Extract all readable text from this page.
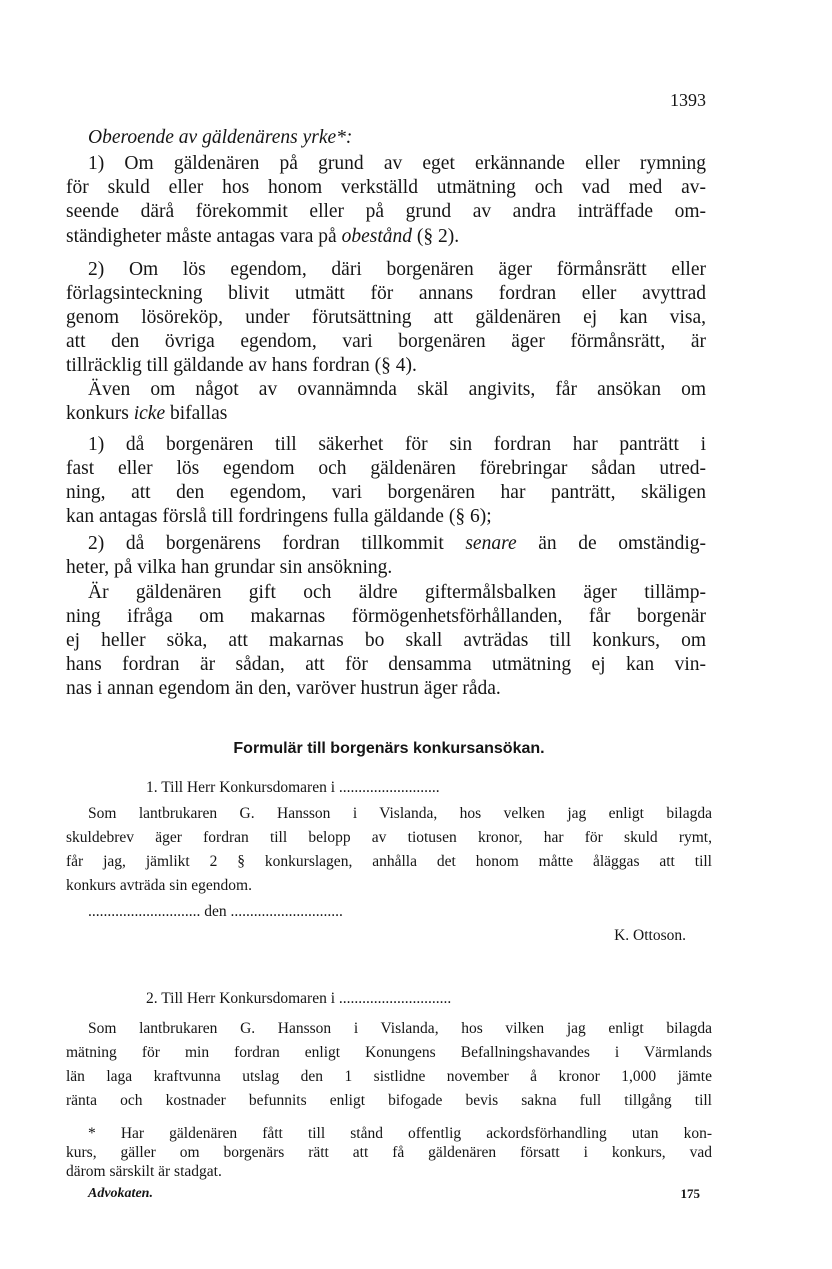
1393
Oberoende av gäldenärens yrke*:
1) Om gäldenären på grund av eget erkännande eller rymning
för skuld eller hos honom verkställd utmätning och vad med av-
seende därå förekommit eller på grund av andra inträffade om-
ständigheter måste antagas vara på obestånd (§ 2).
2) Om lös egendom, däri borgenären äger förmånsrätt eller
förlagsinteckning blivit utmätt för annans fordran eller avyttrad
genom lösöreköp, under förutsättning att gäldenären ej kan visa,
att den övriga egendom, vari borgenären äger förmånsrätt, är
tillräcklig till gäldande av hans fordran (§ 4).
Även om något av ovannämnda skäl angivits, får ansökan om
konkurs icke bifallas
1) då borgenären till säkerhet för sin fordran har panträtt i
fast eller lös egendom och gäldenären förebringar sådan utred-
ning, att den egendom, vari borgenären har panträtt, skäligen
kan antagas förslå till fordringens fulla gäldande (§ 6);
2) då borgenärens fordran tillkommit senare än de omständig-
heter, på vilka han grundar sin ansökning.
Är gäldenären gift och äldre giftermålsbalken äger tillämp-
ning ifråga om makarnas förmögenhetsförhållanden, får borgenär
ej heller söka, att makarnas bo skall avträdas till konkurs, om
hans fordran är sådan, att för densamma utmätning ej kan vin-
nas i annan egendom än den, varöver hustrun äger råda.
Formulär till borgenärs konkursansökan.
1. Till Herr Konkursdomaren i ..........................
Som lantbrukaren G. Hansson i Vislanda, hos velken jag enligt bilagda
skuldebrev äger fordran till belopp av tiotusen kronor, har för skuld rymt,
får jag, jämlikt 2 § konkurslagen, anhålla det honom måtte åläggas att till
konkurs avträda sin egendom.
............................. den .............................
K. Ottoson.
2. Till Herr Konkursdomaren i .............................
Som lantbrukaren G. Hansson i Vislanda, hos vilken jag enligt bilagda
mätning för min fordran enligt Konungens Befallningshavandes i Värmlands
län laga kraftvunna utslag den 1 sistlidne november å kronor 1,000 jämte
ränta och kostnader befunnits enligt bifogade bevis sakna full tillgång till
* Har gäldenären fått till stånd offentlig ackordsförhandling utan kon-
kurs, gäller om borgenärs rätt att få gäldenären försatt i konkurs, vad
därom särskilt är stadgat.
Advokaten.	175
